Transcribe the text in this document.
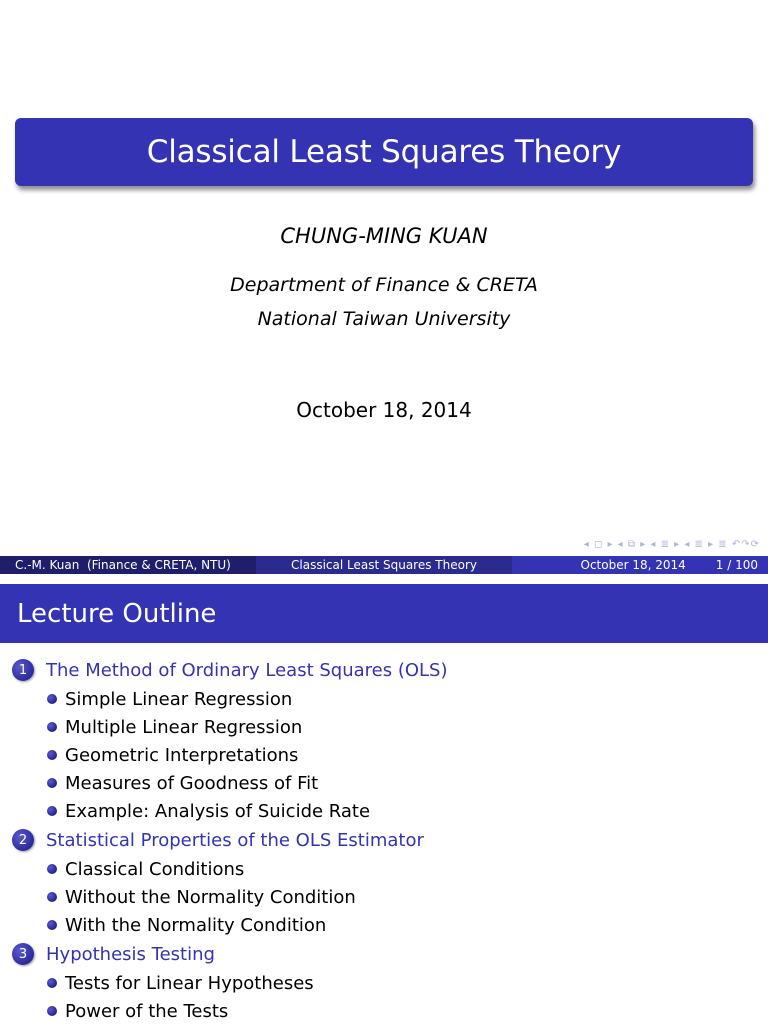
Classical Least Squares Theory
CHUNG-MING KUAN
Department of Finance & CRETA
National Taiwan University
October 18, 2014
◂ ◻ ▸ ◂ ⧉ ▸ ◂ ≣ ▸ ◂ ≣ ▸ ≣ ↶↷⟳
C.-M. Kuan  (Finance & CRETA, NTU)	Classical Least Squares Theory	October 18, 2014	1 / 100
Lecture Outline
1	The Method of Ordinary Least Squares (OLS)
Simple Linear Regression
Multiple Linear Regression
Geometric Interpretations
Measures of Goodness of Fit
Example: Analysis of Suicide Rate
2	Statistical Properties of the OLS Estimator
Classical Conditions
Without the Normality Condition
With the Normality Condition
3	Hypothesis Testing
Tests for Linear Hypotheses
Power of the Tests
